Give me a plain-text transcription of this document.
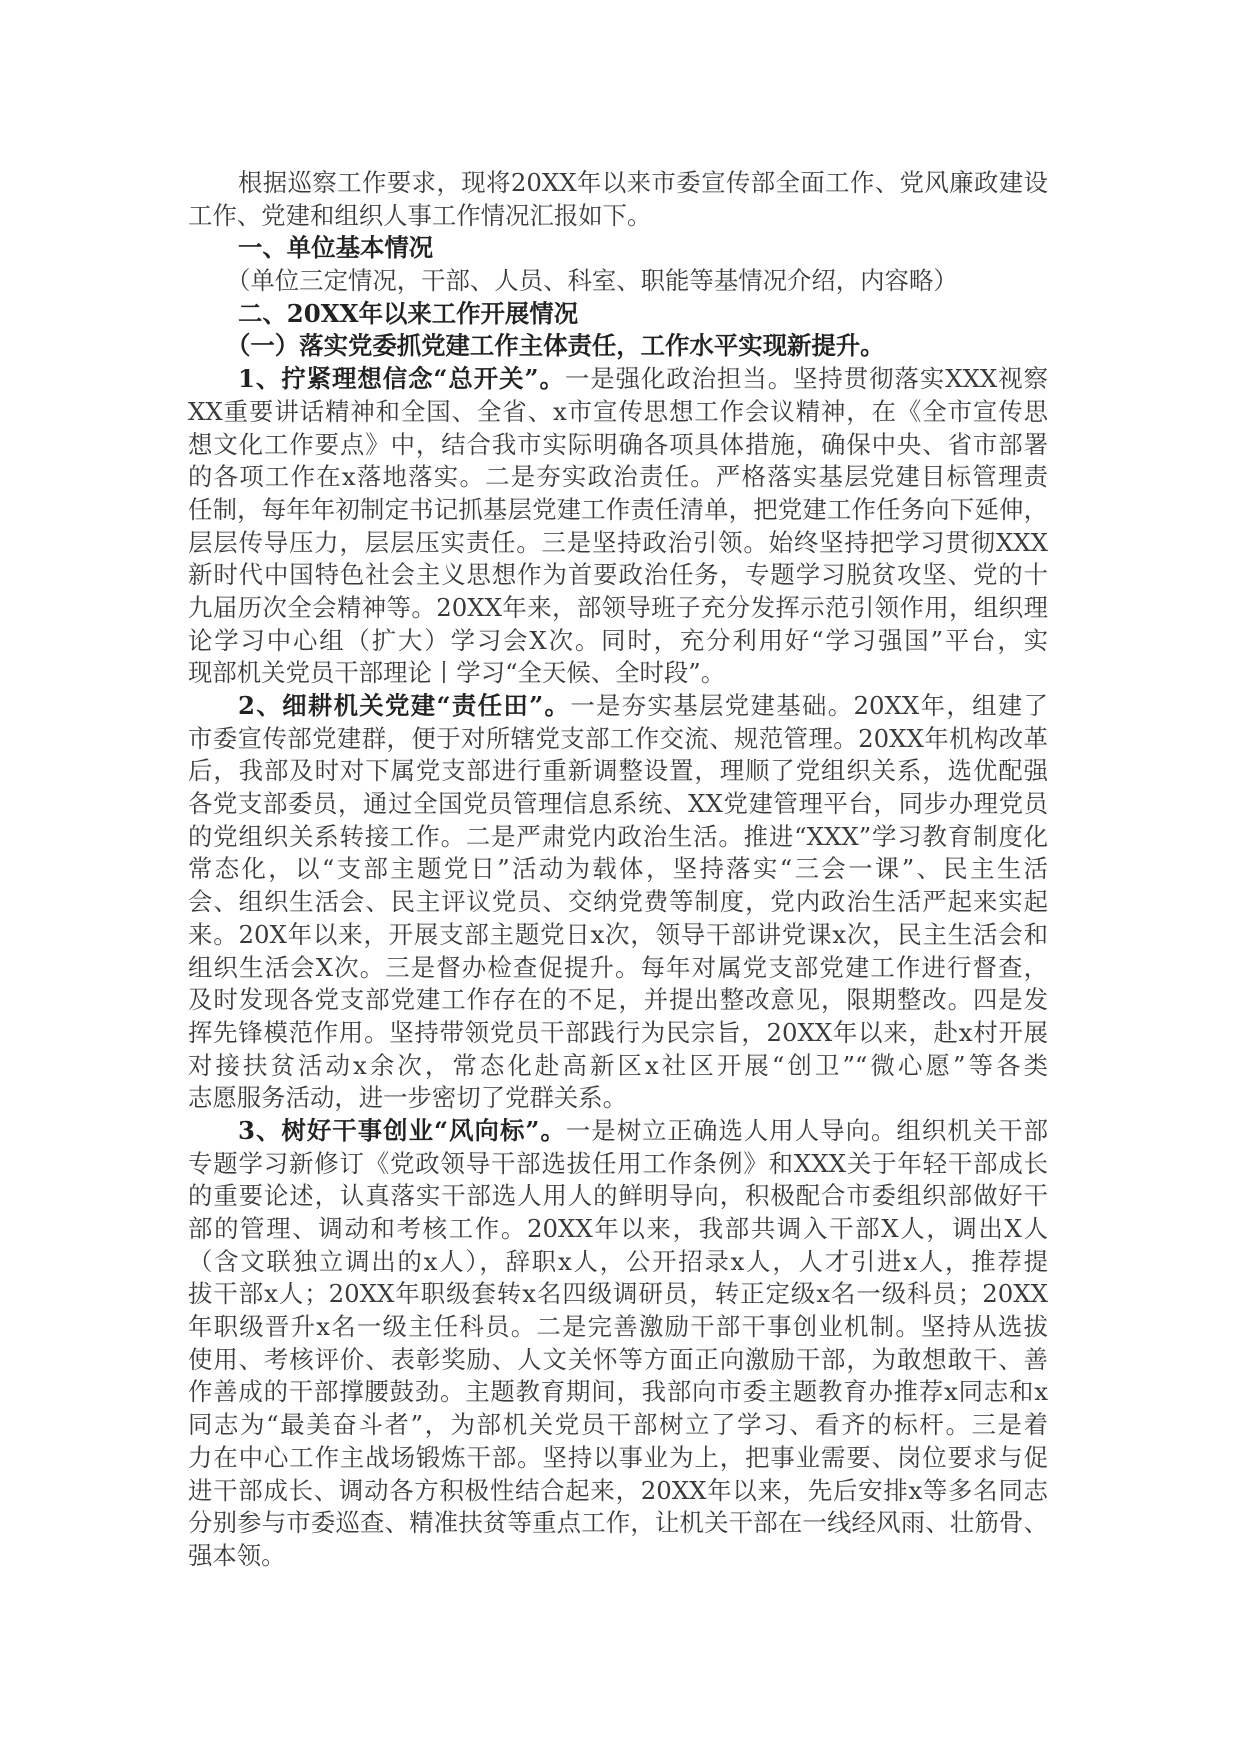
根据巡察工作要求，现将20XX年以来市委宣传部全面工作、党风廉政建设
工作、党建和组织人事工作情况汇报如下。
一、单位基本情况
（单位三定情况，干部、人员、科室、职能等基情况介绍，内容略）
二、20XX年以来工作开展情况
（一）落实党委抓党建工作主体责任，工作水平实现新提升。
1、拧紧理想信念“总开关”。一是强化政治担当。坚持贯彻落实XXX视察
XX重要讲话精神和全国、全省、x市宣传思想工作会议精神，在《全市宣传思
想文化工作要点》中，结合我市实际明确各项具体措施，确保中央、省市部署
的各项工作在x落地落实。二是夯实政治责任。严格落实基层党建目标管理责
任制，每年年初制定书记抓基层党建工作责任清单，把党建工作任务向下延伸，
层层传导压力，层层压实责任。三是坚持政治引领。始终坚持把学习贯彻XXX
新时代中国特色社会主义思想作为首要政治任务，专题学习脱贫攻坚、党的十
九届历次全会精神等。20XX年来，部领导班子充分发挥示范引领作用，组织理
论学习中心组（扩大）学习会X次。同时，充分利用好“学习强国”平台，实
现部机关党员干部理论丨学习“全天候、全时段”。
2、细耕机关党建“责任田”。一是夯实基层党建基础。20XX年，组建了
市委宣传部党建群，便于对所辖党支部工作交流、规范管理。20XX年机构改革
后，我部及时对下属党支部进行重新调整设置，理顺了党组织关系，选优配强
各党支部委员，通过全国党员管理信息系统、XX党建管理平台，同步办理党员
的党组织关系转接工作。二是严肃党内政治生活。推进“XXX”学习教育制度化
常态化，以“支部主题党日”活动为载体，坚持落实“三会一课”、民主生活
会、组织生活会、民主评议党员、交纳党费等制度，党内政治生活严起来实起
来。20X年以来，开展支部主题党日x次，领导干部讲党课x次，民主生活会和
组织生活会X次。三是督办检查促提升。每年对属党支部党建工作进行督查，
及时发现各党支部党建工作存在的不足，并提出整改意见，限期整改。四是发
挥先锋模范作用。坚持带领党员干部践行为民宗旨，20XX年以来，赴x村开展
对接扶贫活动x余次，常态化赴高新区x社区开展“创卫”“微心愿”等各类
志愿服务活动，进一步密切了党群关系。
3、树好干事创业“风向标”。一是树立正确选人用人导向。组织机关干部
专题学习新修订《党政领导干部选拔任用工作条例》和XXX关于年轻干部成长
的重要论述，认真落实干部选人用人的鲜明导向，积极配合市委组织部做好干
部的管理、调动和考核工作。20XX年以来，我部共调入干部X人，调出X人
（含文联独立调出的x人），辞职x人，公开招录x人，人才引进x人，推荐提
拔干部x人；20XX年职级套转x名四级调研员，转正定级x名一级科员；20XX
年职级晋升x名一级主任科员。二是完善激励干部干事创业机制。坚持从选拔
使用、考核评价、表彰奖励、人文关怀等方面正向激励干部，为敢想敢干、善
作善成的干部撑腰鼓劲。主题教育期间，我部向市委主题教育办推荐x同志和x
同志为“最美奋斗者”，为部机关党员干部树立了学习、看齐的标杆。三是着
力在中心工作主战场锻炼干部。坚持以事业为上，把事业需要、岗位要求与促
进干部成长、调动各方积极性结合起来，20XX年以来，先后安排x等多名同志
分别参与市委巡查、精准扶贫等重点工作，让机关干部在一线经风雨、壮筋骨、
强本领。
